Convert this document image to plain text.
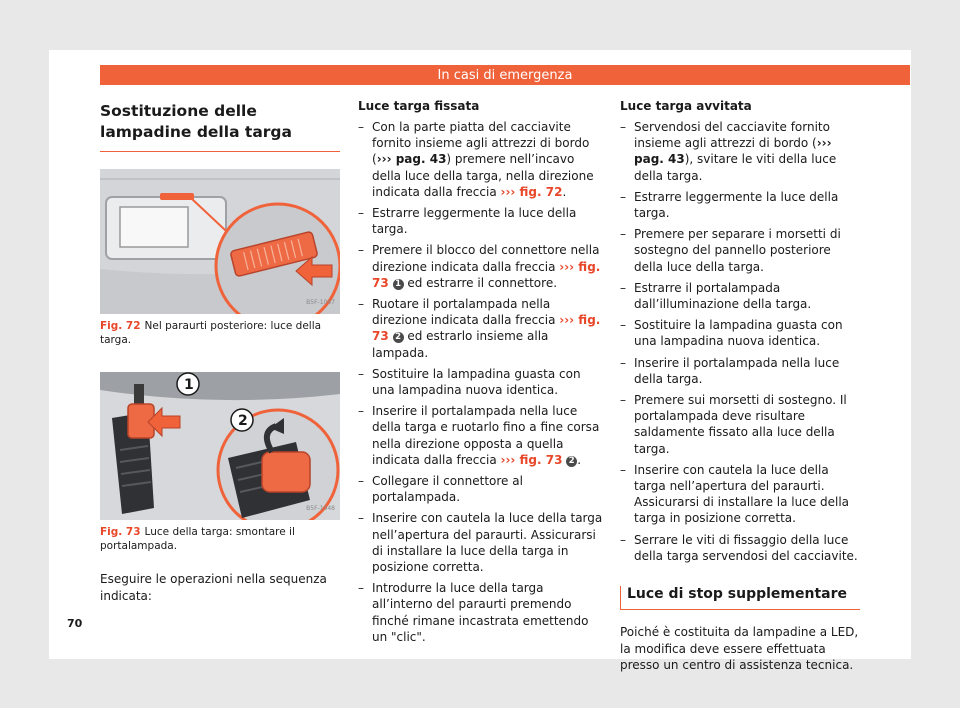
In casi di emergenza
Sostituzione delle lampadine della targa
B5F-1047
Fig. 72 Nel paraurti posteriore: luce della targa.
1
2
B5F-1048
Fig. 73 Luce della targa: smontare il portalampada.
Eseguire le operazioni nella sequenza indicata:
Luce targa fissata
– Con la parte piatta del cacciavite fornito insieme agli attrezzi di bordo (››› pag. 43) premere nell’incavo della luce della targa, nella direzione indicata dalla freccia ››› fig. 72.
– Estrarre leggermente la luce della targa.
– Premere il blocco del connettore nella direzione indicata dalla freccia ››› fig. 73 1 ed estrarre il connettore.
– Ruotare il portalampada nella direzione indicata dalla freccia ››› fig. 73 2 ed estrarlo insieme alla lampada.
– Sostituire la lampadina guasta con una lampadina nuova identica.
– Inserire il portalampada nella luce della targa e ruotarlo fino a fine corsa nella direzione opposta a quella indicata dalla freccia ››› fig. 73 2 .
– Collegare il connettore al portalampada.
– Inserire con cautela la luce della targa nell’apertura del paraurti. Assicurarsi di installare la luce della targa in posizione corretta.
– Introdurre la luce della targa all’interno del paraurti premendo finché rimane incastrata emettendo un "clic".
Luce targa avvitata
– Servendosi del cacciavite fornito insieme agli attrezzi di bordo (››› pag. 43), svitare le viti della luce della targa.
– Estrarre leggermente la luce della targa.
– Premere per separare i morsetti di sostegno del pannello posteriore della luce della targa.
– Estrarre il portalampada dall’illuminazione della targa.
– Sostituire la lampadina guasta con una lampadina nuova identica.
– Inserire il portalampada nella luce della targa.
– Premere sui morsetti di sostegno. Il portalampada deve risultare saldamente fissato alla luce della targa.
– Inserire con cautela la luce della targa nell’apertura del paraurti. Assicurarsi di installare la luce della targa in posizione corretta.
– Serrare le viti di fissaggio della luce della targa servendosi del cacciavite.
Luce di stop supplementare
Poiché è costituita da lampadine a LED, la modifica deve essere effettuata presso un centro di assistenza tecnica.
70
